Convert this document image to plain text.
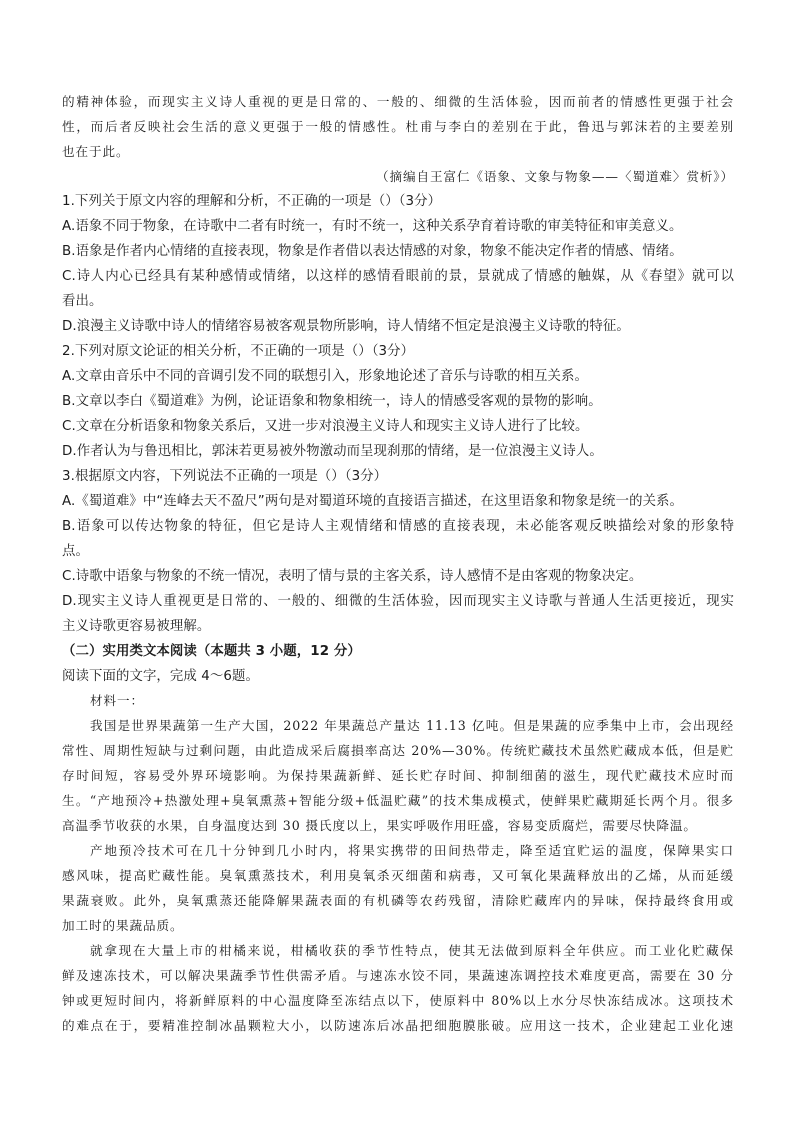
的精神体验，而现实主义诗人重视的更是日常的、一般的、细微的生活体验，因而前者的情感性更强于社会
性，而后者反映社会生活的意义更强于一般的情感性。杜甫与李白的差别在于此，鲁迅与郭沫若的主要差别
也在于此。
（摘编自王富仁《语象、文象与物象——〈蜀道难〉赏析》）
1.下列关于原文内容的理解和分析，不正确的一项是（）（3分）
A.语象不同于物象，在诗歌中二者有时统一，有时不统一，这种关系孕育着诗歌的审美特征和审美意义。
B.语象是作者内心情绪的直接表现，物象是作者借以表达情感的对象，物象不能决定作者的情感、情绪。
C.诗人内心已经具有某种感情或情绪，以这样的感情看眼前的景，景就成了情感的触媒，从《春望》就可以
看出。
D.浪漫主义诗歌中诗人的情绪容易被客观景物所影响，诗人情绪不恒定是浪漫主义诗歌的特征。
2.下列对原文论证的相关分析，不正确的一项是（）（3分）
A.文章由音乐中不同的音调引发不同的联想引入，形象地论述了音乐与诗歌的相互关系。
B.文章以李白《蜀道难》为例，论证语象和物象相统一，诗人的情感受客观的景物的影响。
C.文章在分析语象和物象关系后，又进一步对浪漫主义诗人和现实主义诗人进行了比较。
D.作者认为与鲁迅相比，郭沫若更易被外物激动而呈现刹那的情绪，是一位浪漫主义诗人。
3.根据原文内容，下列说法不正确的一项是（）（3分）
A.《蜀道难》中“连峰去天不盈尺”两句是对蜀道环境的直接语言描述，在这里语象和物象是统一的关系。
B.语象可以传达物象的特征，但它是诗人主观情绪和情感的直接表现，未必能客观反映描绘对象的形象特
点。
C.诗歌中语象与物象的不统一情况，表明了情与景的主客关系，诗人感情不是由客观的物象决定。
D.现实主义诗人重视更是日常的、一般的、细微的生活体验，因而现实主义诗歌与普通人生活更接近，现实
主义诗歌更容易被理解。
（二）实用类文本阅读（本题共 3 小题，12 分）
阅读下面的文字，完成 4～6题。
材料一：
我国是世界果蔬第一生产大国，2022 年果蔬总产量达 11.13 亿吨。但是果蔬的应季集中上市，会出现经
常性、周期性短缺与过剩问题，由此造成采后腐損率高达 20%—30%。传统贮藏技术虽然贮藏成本低，但是贮
存时间短，容易受外界环境影响。为保持果蔬新鲜、延长贮存时间、抑制细菌的滋生，现代贮藏技术应时而
生。“产地预冷+热激处理+臭氧熏蒸+智能分级+低温贮藏”的技术集成模式，使鲜果贮藏期延长两个月。很多
高温季节收获的水果，自身温度达到 30 摄氏度以上，果实呼吸作用旺盛，容易变质腐烂，需要尽快降温。
产地预冷技术可在几十分钟到几小时内，将果实携带的田间热带走，降至适宜贮运的温度，保障果实口
感风味，提高贮藏性能。臭氧熏蒸技术，利用臭氧杀灭细菌和病毒，又可氧化果蔬释放出的乙烯，从而延缓
果蔬衰败。此外，臭氧熏蒸还能降解果蔬表面的有机磷等农药残留，清除贮藏库内的异味，保持最终食用或
加工时的果蔬品质。
就拿现在大量上市的柑橘来说，柑橘收获的季节性特点，使其无法做到原料全年供应。而工业化贮藏保
鲜及速冻技术，可以解决果蔬季节性供需矛盾。与速冻水饺不同，果蔬速冻调控技术难度更高，需要在 30 分
钟或更短时间内，将新鲜原料的中心温度降至冻结点以下，使原料中 80%以上水分尽快冻结成冰。这项技术
的难点在于，要精准控制冰晶颗粒大小，以防速冻后冰晶把细胞膜胀破。应用这一技术，企业建起工业化速
